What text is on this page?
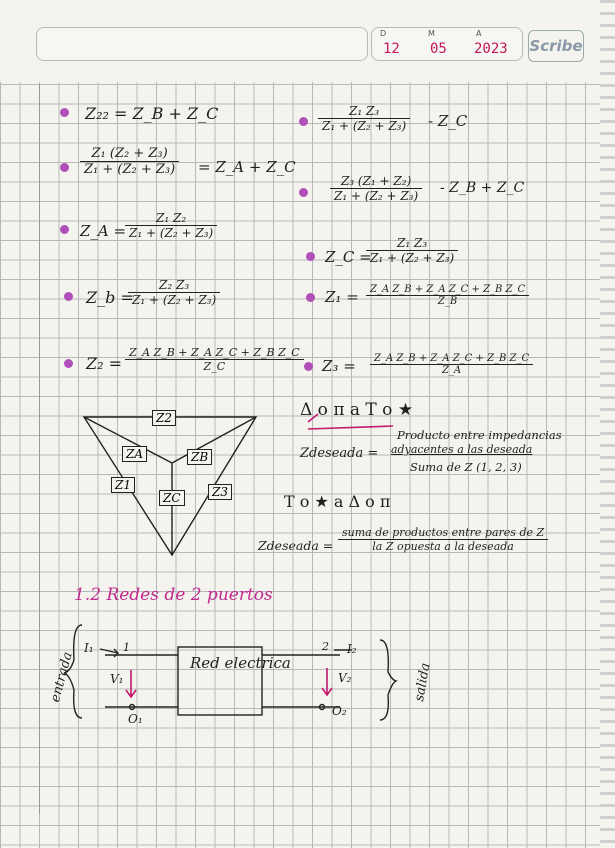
D	M	A
12 05 2023 Scribe
Z₂₂ = Z_B + Z_C
$\frac{\text{Z₁ (Z₂ + Z₃)}}{\text{Z₁ + (Z₂ + Z₃)}}$ = Z_A + Z_C
Z_A =
$\frac{\text{Z₁ Z₂}}{\text{Z₁ + (Z₂ + Z₃)}}$
Z_b =
$\frac{\text{Z₂ Z₃}}{\text{Z₁ + (Z₂ + Z₃)}}$
$Z_2 = \frac{\text{Z\_A Z\_B + Z\_A Z\_C + Z\_B Z\_C}}{Z\_C}$
$\frac{\text{Z₁ Z₃}}{\text{Z₁ + (Z₂ + Z₃)}}$ - Z_C
$\frac{\text{Z₃ (Z₁ + Z₂)}}{\text{Z₁ + (Z₂ + Z₃)}}$ - Z_B + Z_C
Z_C =
$\frac{\text{Z₁ Z₃}}{\text{Z₁ + (Z₂ + Z₃)}}$
$Z_1 = \frac{\text{Z\_A Z\_B + Z\_A Z\_C + Z\_B Z\_C}}{Z\_B}$
$Z_3 = \frac{\text{Z\_A Z\_B + Z\_A Z\_C + Z\_B Z\_C}}{Z\_A}$
Z2
ZA	ZB
Z1
ZC	Z3
Δ o π a T o ★
Zdeseada =
Producto entre impedancias
adyacentes a las deseada
Suma de Z (1, 2, 3)
T o ★ a Δ o π
Zdeseada =
suma de productos entre pares de Z
la Z opuesta a la deseada
1.2 Redes de 2 puertos
Red electrica
entrada	salida
I₁	1
V₁
O₁
I₂
2
V₂
O₂
